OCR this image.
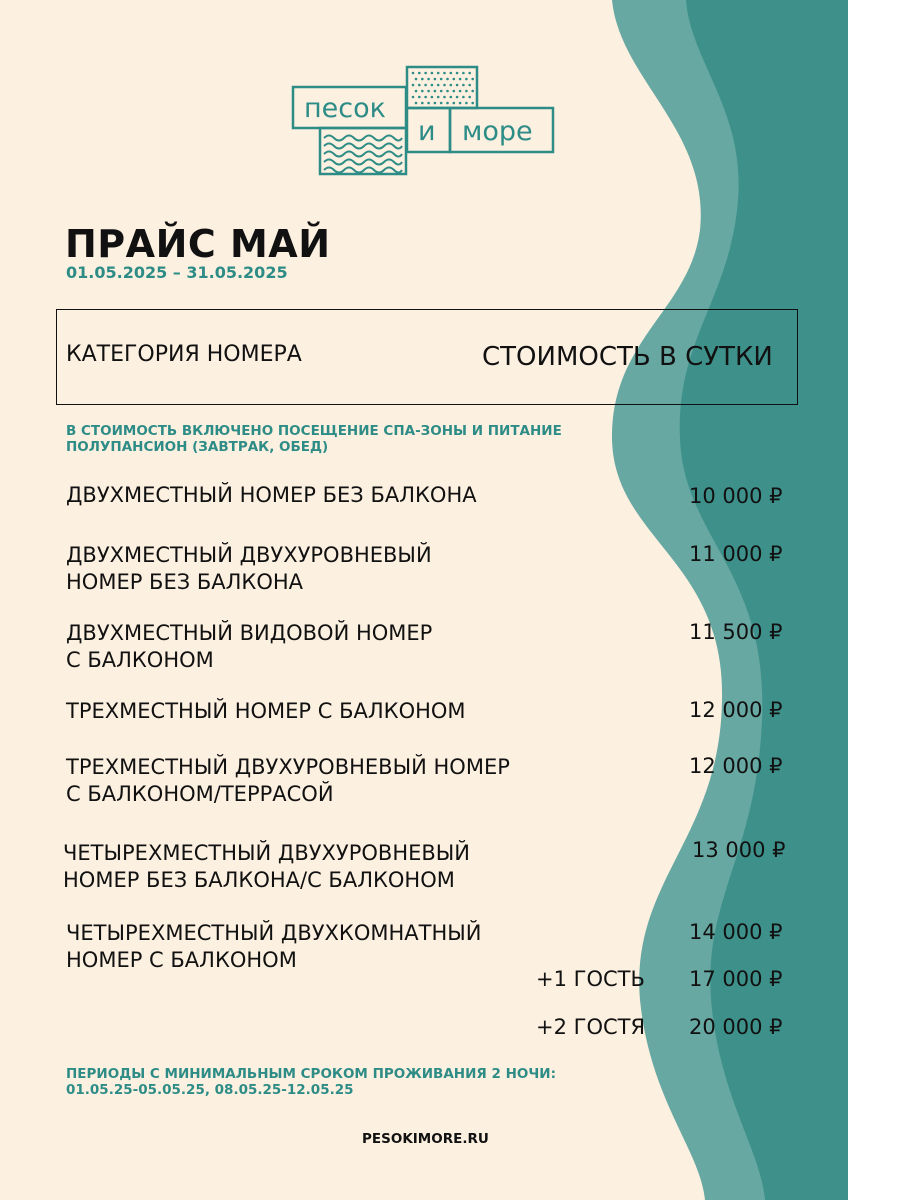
песок
и море
ПРАЙС МАЙ
01.05.2025 – 31.05.2025
КАТЕГОРИЯ НОМЕРА	СТОИМОСТЬ В СУТКИ
В СТОИМОСТЬ ВКЛЮЧЕНО ПОСЕЩЕНИЕ СПА-ЗОНЫ И ПИТАНИЕ ПОЛУПАНСИОН (ЗАВТРАК, ОБЕД)
ДВУХМЕСТНЫЙ НОМЕР БЕЗ БАЛКОНА	10 000 ₽
ДВУХМЕСТНЫЙ ДВУХУРОВНЕВЫЙ
НОМЕР БЕЗ БАЛКОНА
11 000 ₽
ДВУХМЕСТНЫЙ ВИДОВОЙ НОМЕР
С БАЛКОНОМ
11 500 ₽
ТРЕХМЕСТНЫЙ НОМЕР С БАЛКОНОМ	12 000 ₽
ТРЕХМЕСТНЫЙ ДВУХУРОВНЕВЫЙ НОМЕР
С БАЛКОНОМ/ТЕРРАСОЙ
12 000 ₽
ЧЕТЫРЕХМЕСТНЫЙ ДВУХУРОВНЕВЫЙ
НОМЕР БЕЗ БАЛКОНА/С БАЛКОНОМ
13 000 ₽
ЧЕТЫРЕХМЕСТНЫЙ ДВУХКОМНАТНЫЙ
НОМЕР С БАЛКОНОМ
14 000 ₽
+1 ГОСТЬ 17 000 ₽
+2 ГОСТЯ 20 000 ₽
ПЕРИОДЫ С МИНИМАЛЬНЫМ СРОКОМ ПРОЖИВАНИЯ 2 НОЧИ: 01.05.25-05.05.25, 08.05.25-12.05.25
PESOKIMORE.RU
